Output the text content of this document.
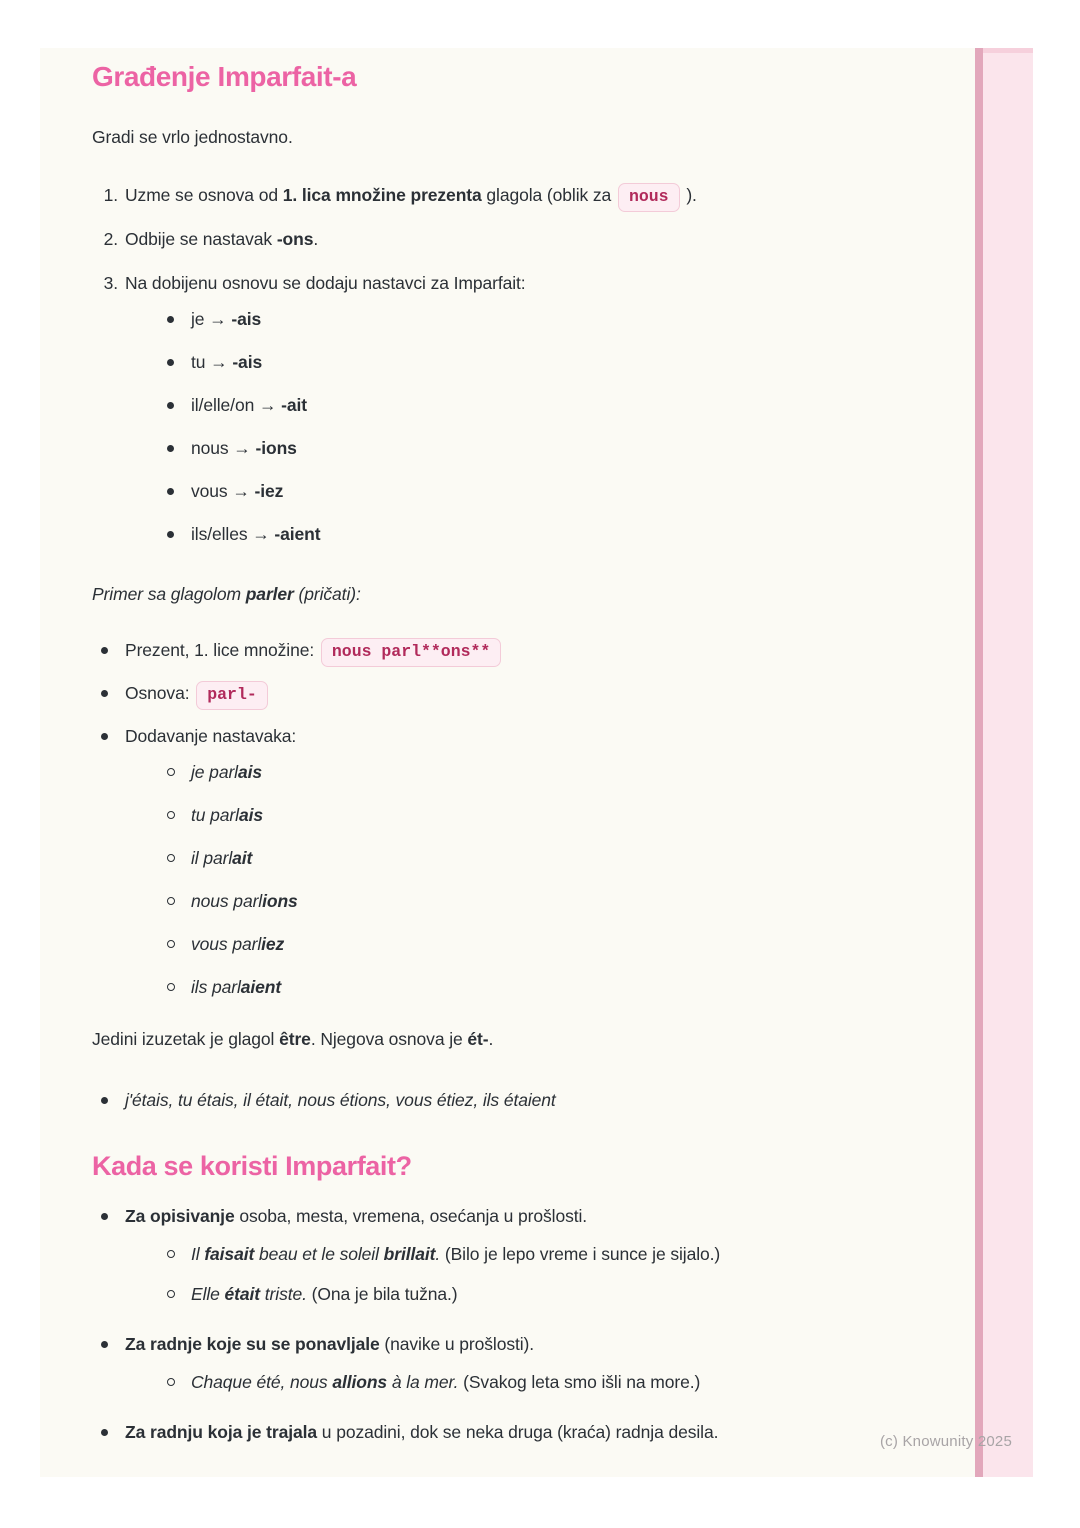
Građenje Imparfait-a

Gradi se vrlo jednostavno.

Uzme se osnova od 1. lica množine prezenta glagola (oblik za nous ).
Odbije se nastavak -ons.
Na dobijenu osnovu se dodaju nastavci za Imparfait:
je → -ais
tu → -ais
il/elle/on → -ait
nous → -ions
vous → -iez
ils/elles → -aient

Primer sa glagolom parler (pričati):

Prezent, 1. lice množine: nous parl**ons**
Osnova: parl-
Dodavanje nastavaka:
je parlais
tu parlais
il parlait
nous parlions
vous parliez
ils parlaient

Jedini izuzetak je glagol être. Njegova osnova je ét-.

j'étais, tu étais, il était, nous étions, vous étiez, ils étaient
Kada se koristi Imparfait?
Za opisivanje osoba, mesta, vremena, osećanja u prošlosti.
Il faisait beau et le soleil brillait. (Bilo je lepo vreme i sunce je sijalo.)
Elle était triste. (Ona je bila tužna.)
Za radnje koje su se ponavljale (navike u prošlosti).
Chaque été, nous allions à la mer. (Svakog leta smo išli na more.)
Za radnju koja je trajala u pozadini, dok se neka druga (kraća) radnja desila.	(c) Knowunity 2025
